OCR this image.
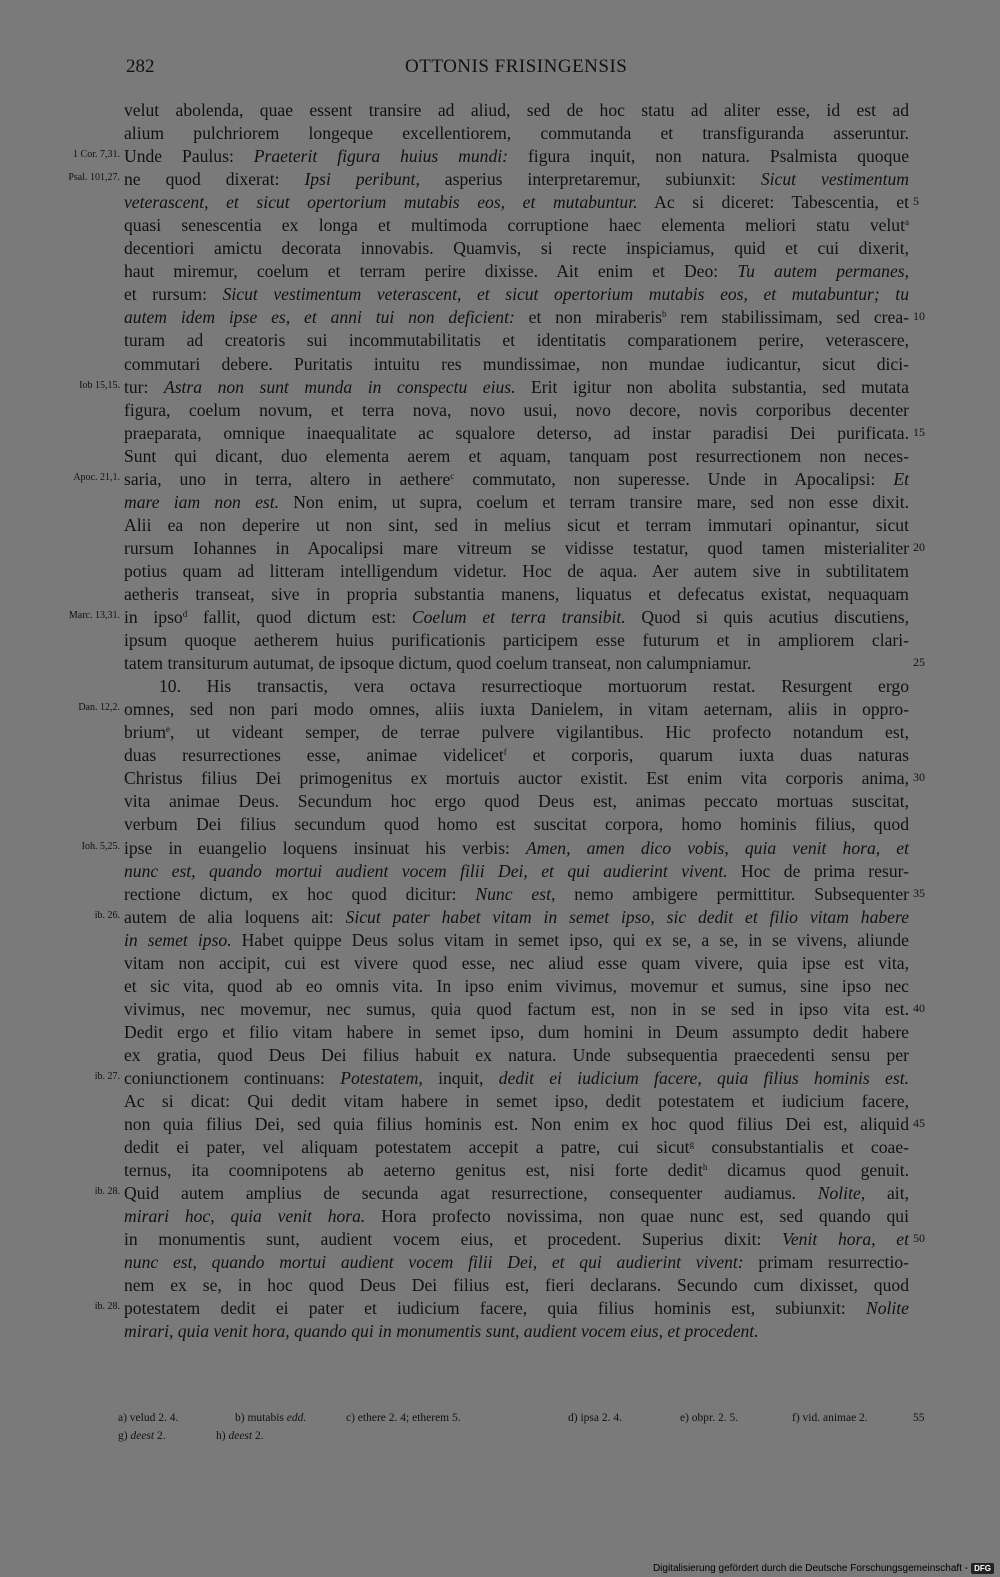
282	OTTONIS FRISINGENSIS
velut abolenda, quae essent transire ad aliud, sed de hoc statu ad aliter esse, id est ad
alium pulchriorem longeque excellentiorem, commutanda et transfiguranda asseruntur.
1 Cor. 7,31. Unde Paulus: Praeterit figura huius mundi: figura inquit, non natura. Psalmista quoque
Psal. 101,27. ne quod dixerat: Ipsi peribunt, asperius interpretaremur, subiunxit: Sicut vestimentum
veterascent, et sicut opertorium mutabis eos, et mutabuntur. Ac si diceret: Tabescentia, et 5
quasi senescentia ex longa et multimoda corruptione haec elementa meliori statu velut$^a$
decentiori amictu decorata innovabis. Quamvis, si recte inspiciamus, quid et cui dixerit,
haut miremur, coelum et terram perire dixisse. Ait enim et Deo: Tu autem permanes,
et rursum: Sicut vestimentum veterascent, et sicut opertorium mutabis eos, et mutabuntur; tu
autem idem ipse es, et anni tui non deficient: et non miraberis$^b$ rem stabilissimam, sed crea- 10
turam ad creatoris sui incommutabilitatis et identitatis comparationem perire, veterascere,
commutari debere. Puritatis intuitu res mundissimae, non mundae iudicantur, sicut dici-
Iob 15,15. tur: Astra non sunt munda in conspectu eius. Erit igitur non abolita substantia, sed mutata
figura, coelum novum, et terra nova, novo usui, novo decore, novis corporibus decenter
praeparata, omnique inaequalitate ac squalore deterso, ad instar paradisi Dei purificata. 15
Sunt qui dicant, duo elementa aerem et aquam, tanquam post resurrectionem non neces-
Apoc. 21,1. saria, uno in terra, altero in aethere$^c$ commutato, non superesse. Unde in Apocalipsi: Et
mare iam non est. Non enim, ut supra, coelum et terram transire mare, sed non esse dixit.
Alii ea non deperire ut non sint, sed in melius sicut et terram immutari opinantur, sicut
rursum Iohannes in Apocalipsi mare vitreum se vidisse testatur, quod tamen misterialiter 20
potius quam ad litteram intelligendum videtur. Hoc de aqua. Aer autem sive in subtilitatem
aetheris transeat, sive in propria substantia manens, liquatus et defecatus existat, nequaquam
Marc. 13,31. in ipso$^d$ fallit, quod dictum est: Coelum et terra transibit. Quod si quis acutius discutiens,
ipsum quoque aetherem huius purificationis participem esse futurum et in ampliorem clari-
tatem transiturum autumat, de ipsoque dictum, quod coelum transeat, non calumpniamur.	25
10. His transactis, vera octava resurrectioque mortuorum restat. Resurgent ergo
Dan. 12,2. omnes, sed non pari modo omnes, aliis iuxta Danielem, in vitam aeternam, aliis in oppro-
brium$^e$, ut videant semper, de terrae pulvere vigilantibus. Hic profecto notandum est,
duas resurrectiones esse, animae videlicet$^f$ et corporis, quarum iuxta duas naturas
Christus filius Dei primogenitus ex mortuis auctor existit. Est enim vita corporis anima, 30
vita animae Deus. Secundum hoc ergo quod Deus est, animas peccato mortuas suscitat,
verbum Dei filius secundum quod homo est suscitat corpora, homo hominis filius, quod
Ioh. 5,25. ipse in euangelio loquens insinuat his verbis: Amen, amen dico vobis, quia venit hora, et
nunc est, quando mortui audient vocem filii Dei, et qui audierint vivent. Hoc de prima resur-
rectione dictum, ex hoc quod dicitur: Nunc est, nemo ambigere permittitur. Subsequenter 35
ib. 26. autem de alia loquens ait: Sicut pater habet vitam in semet ipso, sic dedit et filio vitam habere
in semet ipso. Habet quippe Deus solus vitam in semet ipso, qui ex se, a se, in se vivens, aliunde
vitam non accipit, cui est vivere quod esse, nec aliud esse quam vivere, quia ipse est vita,
et sic vita, quod ab eo omnis vita. In ipso enim vivimus, movemur et sumus, sine ipso nec
vivimus, nec movemur, nec sumus, quia quod factum est, non in se sed in ipso vita est. 40
Dedit ergo et filio vitam habere in semet ipso, dum homini in Deum assumpto dedit habere
ex gratia, quod Deus Dei filius habuit ex natura. Unde subsequentia praecedenti sensu per
ib. 27. coniunctionem continuans: Potestatem, inquit, dedit ei iudicium facere, quia filius hominis est.
Ac si dicat: Qui dedit vitam habere in semet ipso, dedit potestatem et iudicium facere,
non quia filius Dei, sed quia filius hominis est. Non enim ex hoc quod filius Dei est, aliquid 45
dedit ei pater, vel aliquam potestatem accepit a patre, cui sicut$^g$ consubstantialis et coae-
ternus, ita coomnipotens ab aeterno genitus est, nisi forte dedit$^h$ dicamus quod genuit.
ib. 28. Quid autem amplius de secunda agat resurrectione, consequenter audiamus. Nolite, ait,
mirari hoc, quia venit hora. Hora profecto novissima, non quae nunc est, sed quando qui
in monumentis sunt, audient vocem eius, et procedent. Superius dixit: Venit hora, et 50
nunc est, quando mortui audient vocem filii Dei, et qui audierint vivent: primam resurrectio-
nem ex se, in hoc quod Deus Dei filius est, fieri declarans. Secundo cum dixisset, quod
ib. 28. potestatem dedit ei pater et iudicium facere, quia filius hominis est, subiunxit: Nolite
mirari, quia venit hora, quando qui in monumentis sunt, audient vocem eius, et procedent.
55
a) velud 2. 4.	b) mutabis edd.	c) ethere 2. 4; etherem 5.	d) ipsa 2. 4.	e) obpr. 2. 5.	f) vid. animae 2.
g) deest 2.	h) deest 2.
Digitalisierung gefördert durch die Deutsche Forschungsgemeinschaft - DFG
